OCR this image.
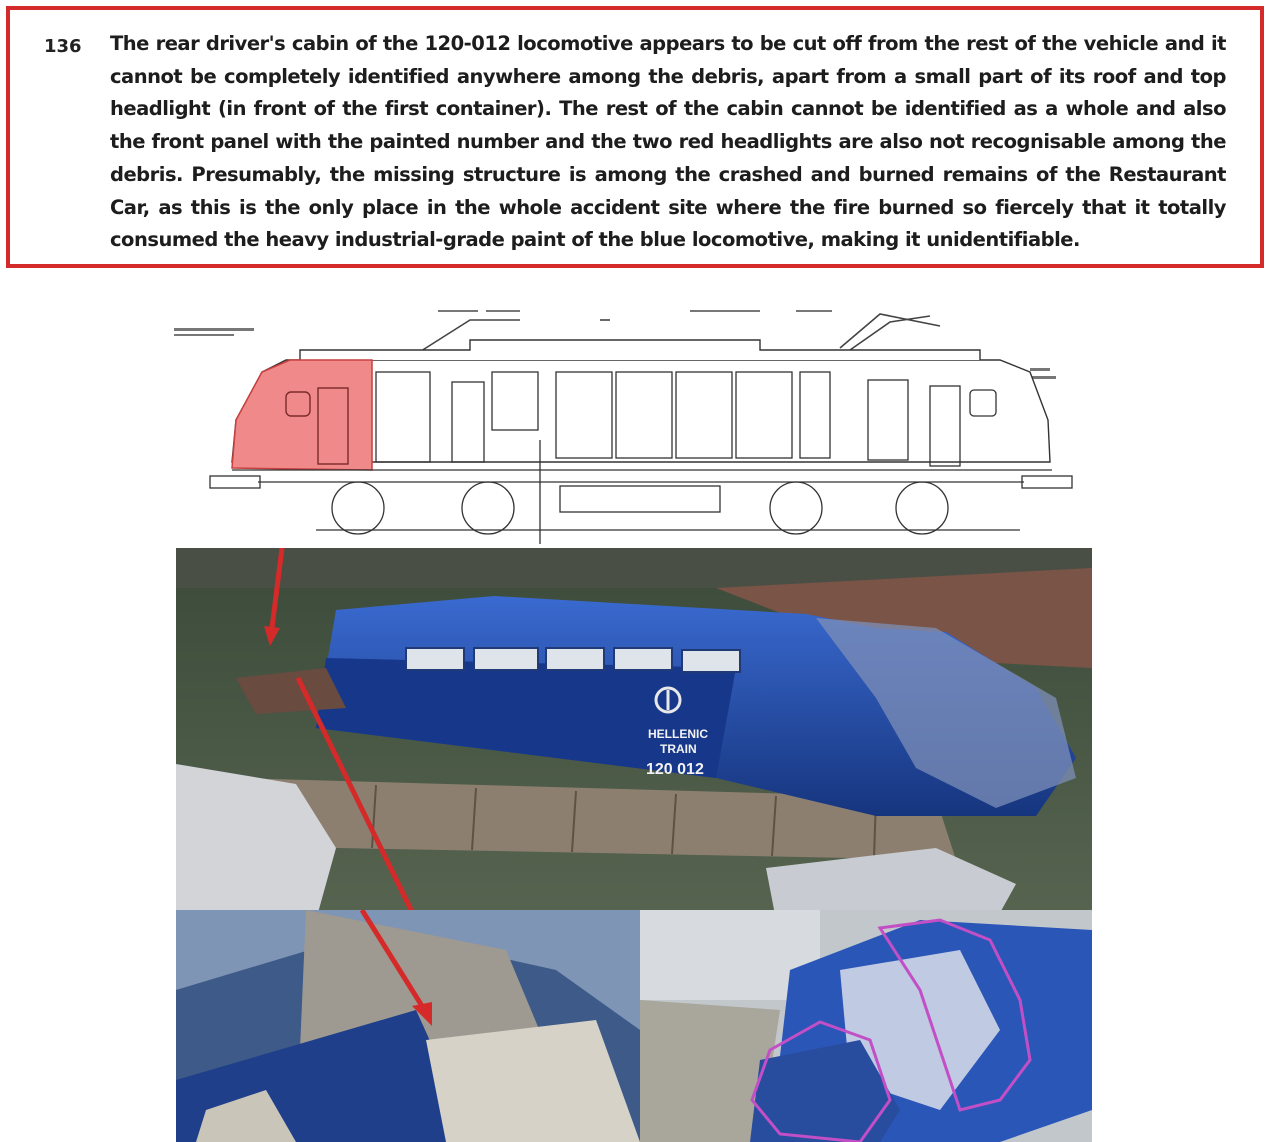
136 The rear driver's cabin of the 120-012 locomotive appears to be cut off from the rest of the vehicle and it cannot be completely identified anywhere among the debris, apart from a small part of its roof and top headlight (in front of the first container). The rest of the cabin cannot be identified as a whole and also the front panel with the painted number and the two red headlights are also not recognisable among the debris. Presumably, the missing structure is among the crashed and burned remains of the Restaurant Car, as this is the only place in the whole accident site where the fire burned so fiercely that it totally consumed the heavy industrial-grade paint of the blue locomotive, making it unidentifiable.

HELLENIC
TRAIN
120 012
